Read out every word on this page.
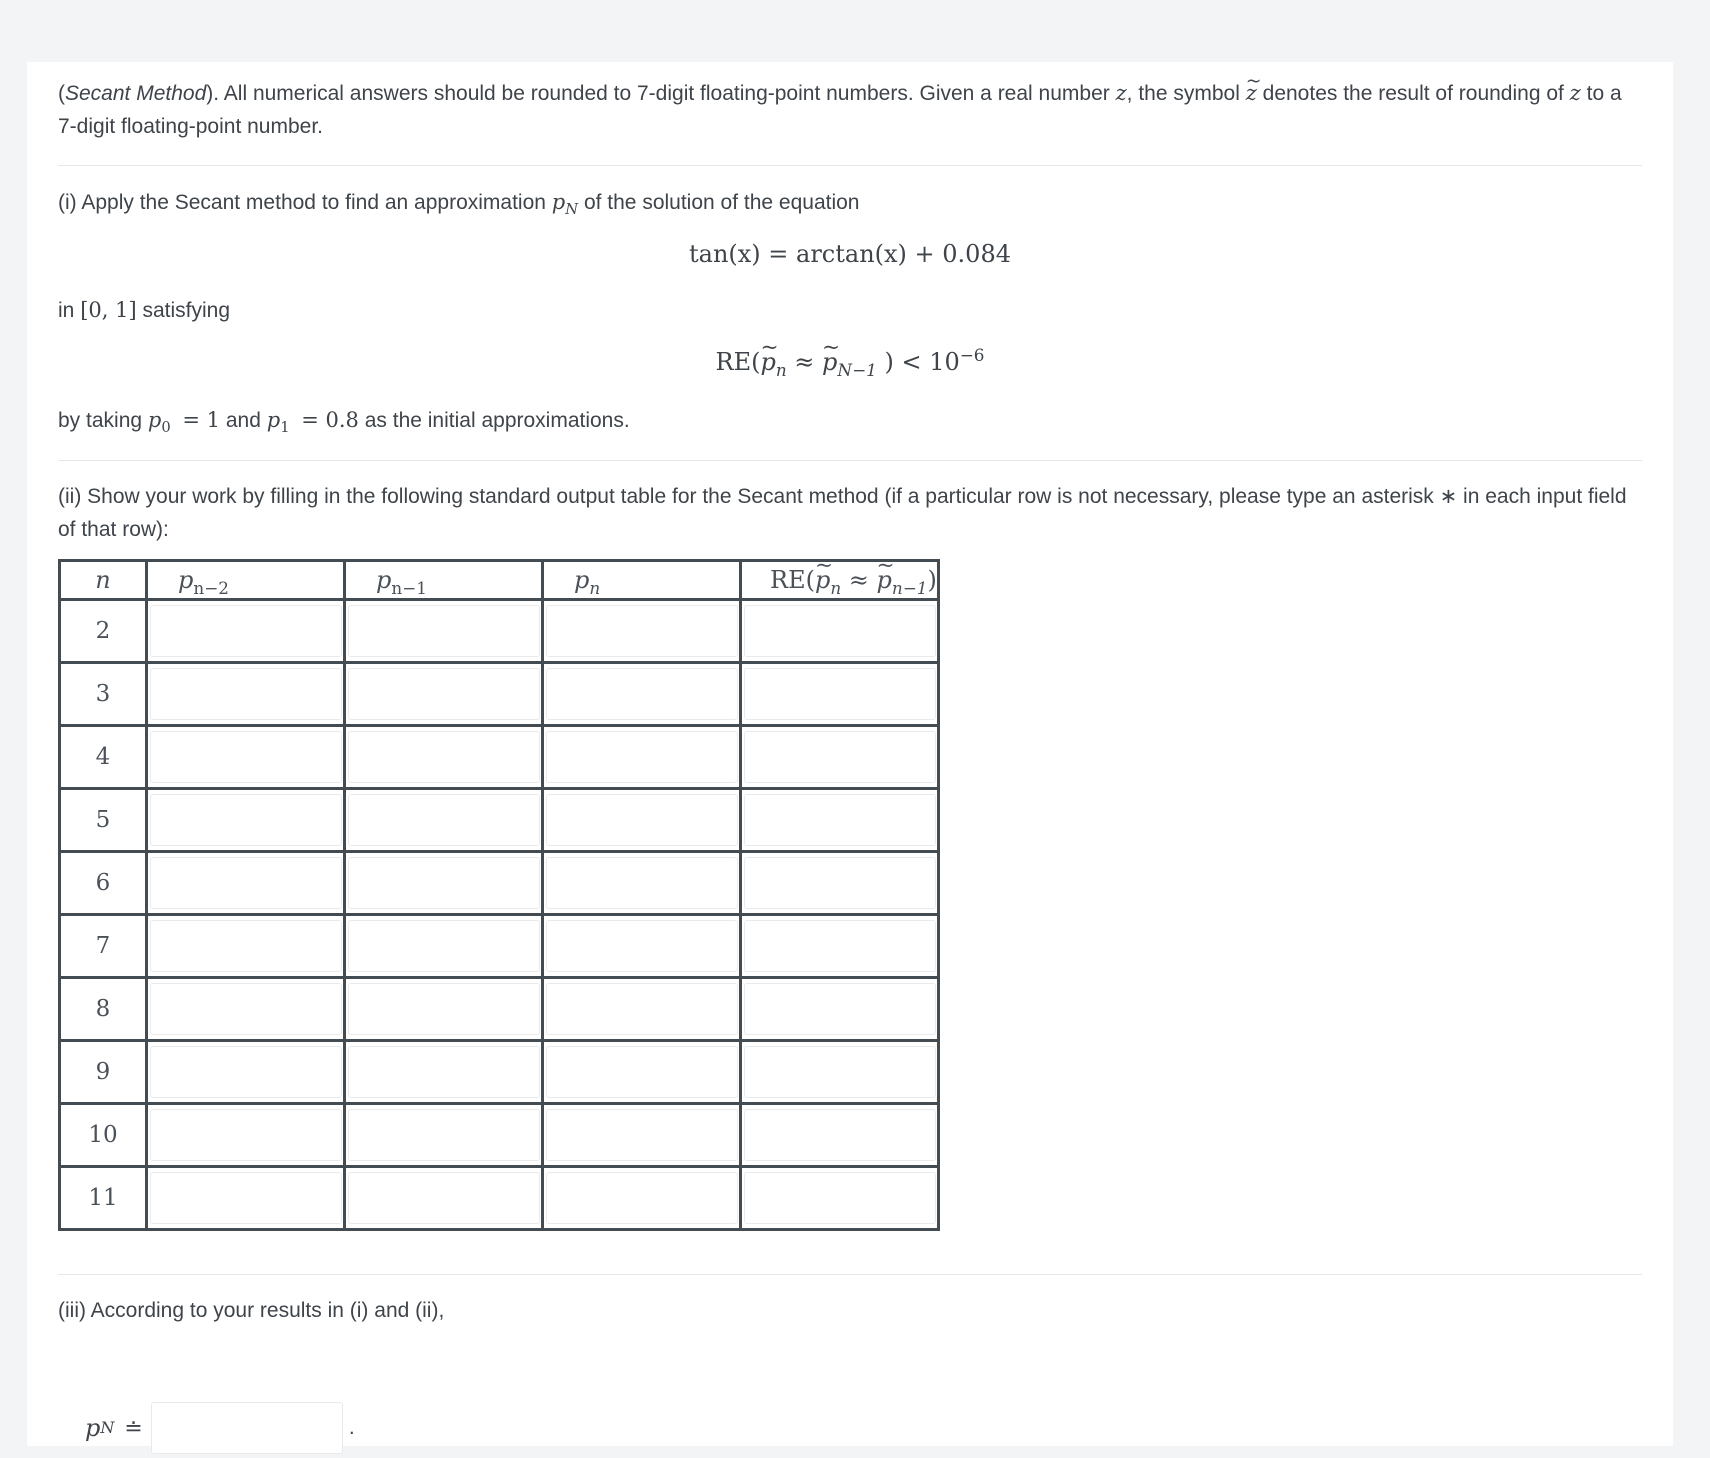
(Secant Method). All numerical answers should be rounded to 7-digit floating-point numbers. Given a real number z, the symbol ~ z denotes the result of rounding of z to a 7-digit floating-point number.

(i) Apply the Secant method to find an approximation $p_N$ of the solution of the equation

tan(x) = arctan(x) + 0.084

in [0, 1] satisfying

RE(~ $p_n$ ≈ ~ $p_{N-1}$ ) < $10^{-6}$

by taking $p_0 = 1$ and $p_1 = 0.8$ as the initial approximations.

(ii) Show your work by filling in the following standard output table for the Secant method (if a particular row is not necessary, please type an asterisk ∗ in each input field of that row):

(iii) According to your results in (i) and (ii),

n	$p_{n-2}$	$p_{n-1}$	$p_n$	RE(~ $p_n$ ≈ ~ $p_{n-1}$)
2	

3	

4	

5	

6	

7	

8	

9	

10	

11	

p N ≐	.
